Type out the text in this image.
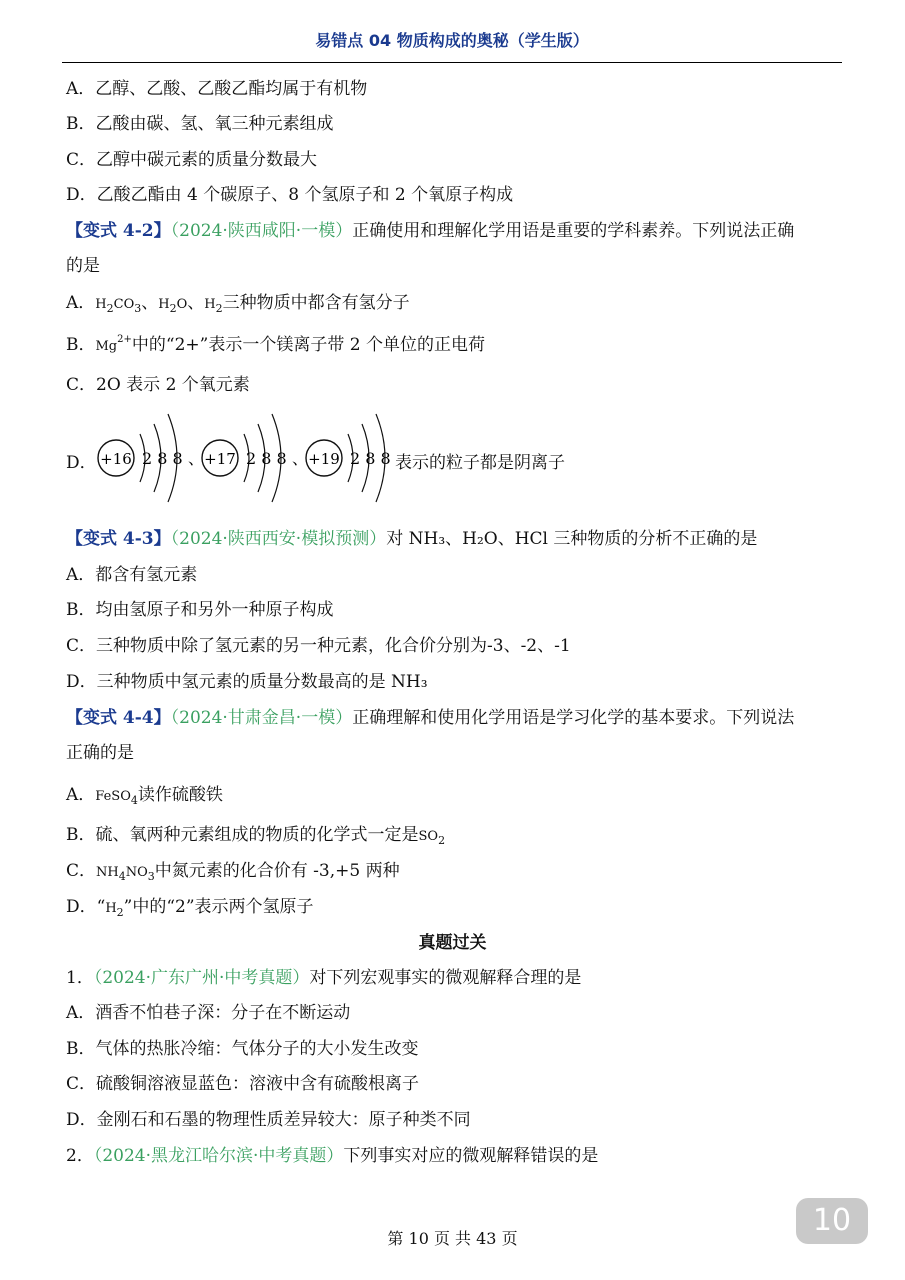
易错点 04 物质构成的奥秘（学生版）
A．乙醇、乙酸、乙酸乙酯均属于有机物
B．乙酸由碳、氢、氧三种元素组成
C．乙醇中碳元素的质量分数最大
D．乙酸乙酯由 4 个碳原子、8 个氢原子和 2 个氧原子构成
【变式 4-2】（2024·陕西咸阳·一模）正确使用和理解化学用语是重要的学科素养。下列说法正确
的是
A．$H_2CO_3$、$H_2O$、$H_2$三种物质中都含有氢分子
B．$Mg^{2+}$中的“2+”表示一个镁离子带 2 个单位的正电荷
C．2O 表示 2 个氧元素
D． +16 2 8 8 、 +17 2 8 8 、 +19 2 8 8 表示的粒子都是阴离子
【变式 4-3】（2024·陕西西安·模拟预测）对 NH₃、H₂O、HCl 三种物质的分析不正确的是
A．都含有氢元素
B．均由氢原子和另外一种原子构成
C．三种物质中除了氢元素的另一种元素，化合价分别为-3、-2、-1
D．三种物质中氢元素的质量分数最高的是 NH₃
【变式 4-4】（2024·甘肃金昌·一模）正确理解和使用化学用语是学习化学的基本要求。下列说法
正确的是
A．FeSO$_4$读作硫酸铁
B．硫、氧两种元素组成的物质的化学式一定是$SO_2$
C．$NH_4NO_3$中氮元素的化合价有 -3,+5 两种
D．“$H_2$”中的“2”表示两个氢原子
真题过关
1．（2024·广东广州·中考真题）对下列宏观事实的微观解释合理的是
A．酒香不怕巷子深：分子在不断运动
B．气体的热胀冷缩：气体分子的大小发生改变
C．硫酸铜溶液显蓝色：溶液中含有硫酸根离子
D．金刚石和石墨的物理性质差异较大：原子种类不同
2．（2024·黑龙江哈尔滨·中考真题）下列事实对应的微观解释错误的是
10
第 10 页 共 43 页
